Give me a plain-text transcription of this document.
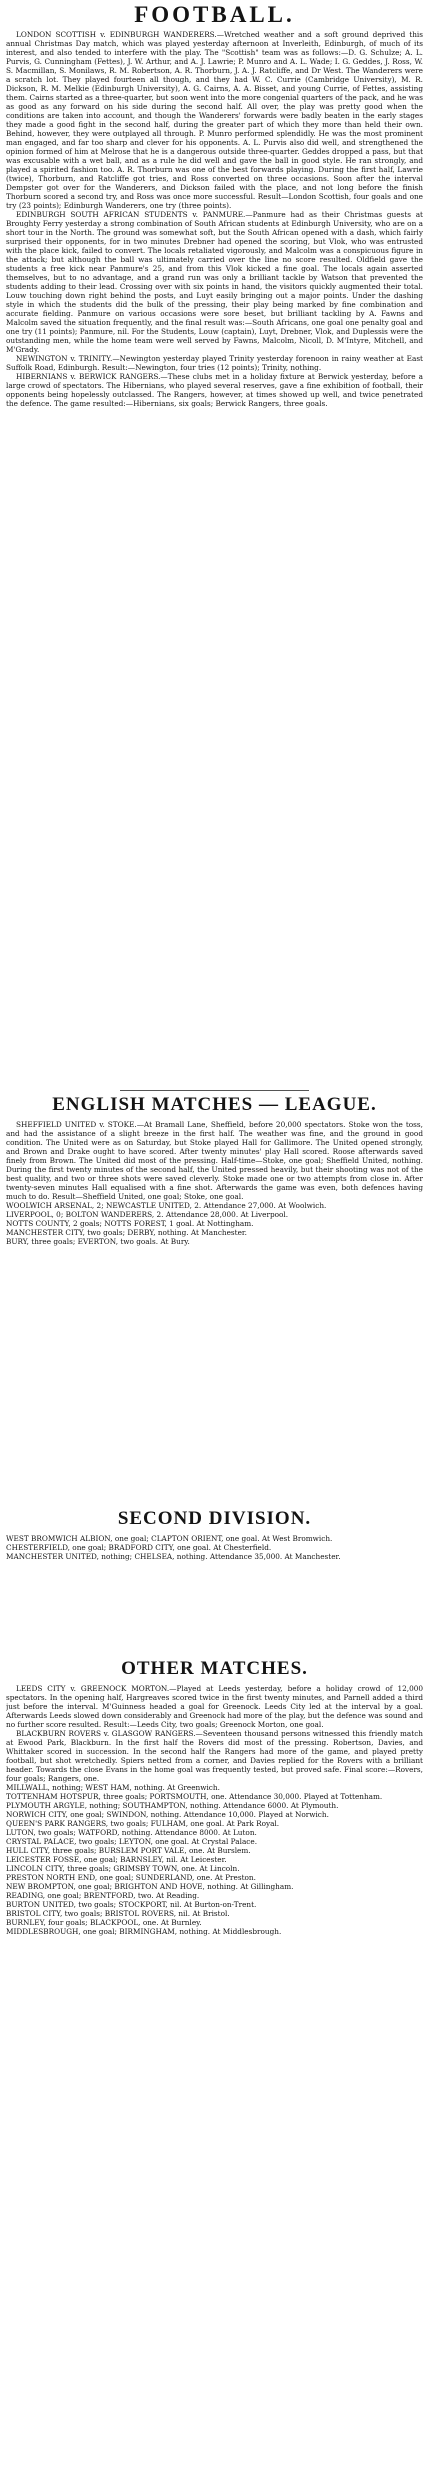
FOOTBALL.

LONDON SCOTTISH v. EDINBURGH WANDERERS.—Wretched weather and a soft ground deprived this annual Christmas Day match, which was played yesterday afternoon at Inverleith, Edinburgh, of much of its interest, and also tended to interfere with the play. The "Scottish" team was as follows:—D. G. Schulze; A. L. Purvis, G. Cunningham (Fettes), J. W. Arthur, and A. J. Lawrie; P. Munro and A. L. Wade; I. G. Geddes, J. Ross, W. S. Macmillan, S. Monilaws, R. M. Robertson, A. R. Thorburn, J. A. J. Ratcliffe, and Dr West. The Wanderers were a scratch lot. They played fourteen all though, and they had W. C. Currie (Cambridge University), M. R. Dickson, R. M. Melkie (Edinburgh University), A. G. Cairns, A. A. Bisset, and young Currie, of Fettes, assisting them. Cairns started as a three-quarter, but soon went into the more congenial quarters of the pack, and he was as good as any forward on his side during the second half. All over, the play was pretty good when the conditions are taken into account, and though the Wanderers' forwards were badly beaten in the early stages they made a good fight in the second half, during the greater part of which they more than held their own. Behind, however, they were outplayed all through. P. Munro performed splendidly. He was the most prominent man engaged, and far too sharp and clever for his opponents. A. L. Purvis also did well, and strengthened the opinion formed of him at Melrose that he is a dangerous outside three-quarter. Geddes dropped a pass, but that was excusable with a wet ball, and as a rule he did well and gave the ball in good style. He ran strongly, and played a spirited fashion too. A. R. Thorburn was one of the best forwards playing. During the first half, Lawrie (twice), Thorburn, and Ratcliffe got tries, and Ross converted on three occasions. Soon after the interval Dempster got over for the Wanderers, and Dickson failed with the place, and not long before the finish Thorburn scored a second try, and Ross was once more successful. Result—London Scottish, four goals and one try (23 points); Edinburgh Wanderers, one try (three points).

EDINBURGH SOUTH AFRICAN STUDENTS v. PANMURE.—Panmure had as their Christmas guests at Broughty Ferry yesterday a strong combination of South African students at Edinburgh University, who are on a short tour in the North. The ground was somewhat soft, but the South African opened with a dash, which fairly surprised their opponents, for in two minutes Drebner had opened the scoring, but Vlok, who was entrusted with the place kick, failed to convert. The locals retaliated vigorously, and Malcolm was a conspicuous figure in the attack; but although the ball was ultimately carried over the line no score resulted. Oldfield gave the students a free kick near Panmure's 25, and from this Vlok kicked a fine goal. The locals again asserted themselves, but to no advantage, and a grand run was only a brilliant tackle by Watson that prevented the students adding to their lead. Crossing over with six points in hand, the visitors quickly augmented their total. Louw touching down right behind the posts, and Luyt easily bringing out a major points. Under the dashing style in which the students did the bulk of the pressing, their play being marked by fine combination and accurate fielding. Panmure on various occasions were sore beset, but brilliant tackling by A. Fawns and Malcolm saved the situation frequently, and the final result was:—South Africans, one goal one penalty goal and one try (11 points); Panmure, nil. For the Students, Louw (captain), Luyt, Drebner, Vlok, and Duplessis were the outstanding men, while the home team were well served by Fawns, Malcolm, Nicoll, D. M'Intyre, Mitchell, and M'Grady.

NEWINGTON v. TRINITY.—Newington yesterday played Trinity yesterday forenoon in rainy weather at East Suffolk Road, Edinburgh. Result:—Newington, four tries (12 points); Trinity, nothing.

HIBERNIANS v. BERWICK RANGERS.—These clubs met in a holiday fixture at Berwick yesterday, before a large crowd of spectators. The Hibernians, who played several reserves, gave a fine exhibition of football, their opponents being hopelessly outclassed. The Rangers, however, at times showed up well, and twice penetrated the defence. The game resulted:—Hibernians, six goals; Berwick Rangers, three goals.

ENGLISH MATCHES — LEAGUE.

SHEFFIELD UNITED v. STOKE.—At Bramall Lane, Sheffield, before 20,000 spectators. Stoke won the toss, and had the assistance of a slight breeze in the first half. The weather was fine, and the ground in good condition. The United were as on Saturday, but Stoke played Hall for Gallimore. The United opened strongly, and Brown and Drake ought to have scored. After twenty minutes' play Hall scored. Roose afterwards saved finely from Brown. The United did most of the pressing. Half-time—Stoke, one goal; Sheffield United, nothing. During the first twenty minutes of the second half, the United pressed heavily, but their shooting was not of the best quality, and two or three shots were saved cleverly. Stoke made one or two attempts from close in. After twenty-seven minutes Hall equalised with a fine shot. Afterwards the game was even, both defences having much to do. Result—Sheffield United, one goal; Stoke, one goal.

WOOLWICH ARSENAL, 2; NEWCASTLE UNITED, 2. Attendance 27,000. At Woolwich.

LIVERPOOL, 0; BOLTON WANDERERS, 2. Attendance 28,000. At Liverpool.

NOTTS COUNTY, 2 goals; NOTTS FOREST, 1 goal. At Nottingham.

MANCHESTER CITY, two goals; DERBY, nothing. At Manchester.

BURY, three goals; EVERTON, two goals. At Bury.

SECOND DIVISION.

WEST BROMWICH ALBION, one goal; CLAPTON ORIENT, one goal. At West Bromwich.

CHESTERFIELD, one goal; BRADFORD CITY, one goal. At Chesterfield.

MANCHESTER UNITED, nothing; CHELSEA, nothing. Attendance 35,000. At Manchester.

OTHER MATCHES.

LEEDS CITY v. GREENOCK MORTON.—Played at Leeds yesterday, before a holiday crowd of 12,000 spectators. In the opening half, Hargreaves scored twice in the first twenty minutes, and Parnell added a third just before the interval. M'Guinness headed a goal for Greenock. Leeds City led at the interval by a goal. Afterwards Leeds slowed down considerably and Greenock had more of the play, but the defence was sound and no further score resulted. Result:—Leeds City, two goals; Greenock Morton, one goal.

BLACKBURN ROVERS v. GLASGOW RANGERS.—Seventeen thousand persons witnessed this friendly match at Ewood Park, Blackburn. In the first half the Rovers did most of the pressing. Robertson, Davies, and Whittaker scored in succession. In the second half the Rangers had more of the game, and played pretty football, but shot wretchedly. Spiers netted from a corner, and Davies replied for the Rovers with a brilliant header. Towards the close Evans in the home goal was frequently tested, but proved safe. Final score:—Rovers, four goals; Rangers, one.

MILLWALL, nothing; WEST HAM, nothing. At Greenwich.

TOTTENHAM HOTSPUR, three goals; PORTSMOUTH, one. Attendance 30,000. Played at Tottenham.

PLYMOUTH ARGYLE, nothing; SOUTHAMPTON, nothing. Attendance 6000. At Plymouth.

NORWICH CITY, one goal; SWINDON, nothing. Attendance 10,000. Played at Norwich.

QUEEN'S PARK RANGERS, two goals; FULHAM, one goal. At Park Royal.

LUTON, two goals; WATFORD, nothing. Attendance 8000. At Luton.

CRYSTAL PALACE, two goals; LEYTON, one goal. At Crystal Palace.

HULL CITY, three goals; BURSLEM PORT VALE, one. At Burslem.

LEICESTER FOSSE, one goal; BARNSLEY, nil. At Leicester.

LINCOLN CITY, three goals; GRIMSBY TOWN, one. At Lincoln.

PRESTON NORTH END, one goal; SUNDERLAND, one. At Preston.

NEW BROMPTON, one goal; BRIGHTON AND HOVE, nothing. At Gillingham.

READING, one goal; BRENTFORD, two. At Reading.

BURTON UNITED, two goals; STOCKPORT, nil. At Burton-on-Trent.

BRISTOL CITY, two goals; BRISTOL ROVERS, nil. At Bristol.

BURNLEY, four goals; BLACKPOOL, one. At Burnley.

MIDDLESBROUGH, one goal; BIRMINGHAM, nothing. At Middlesbrough.
